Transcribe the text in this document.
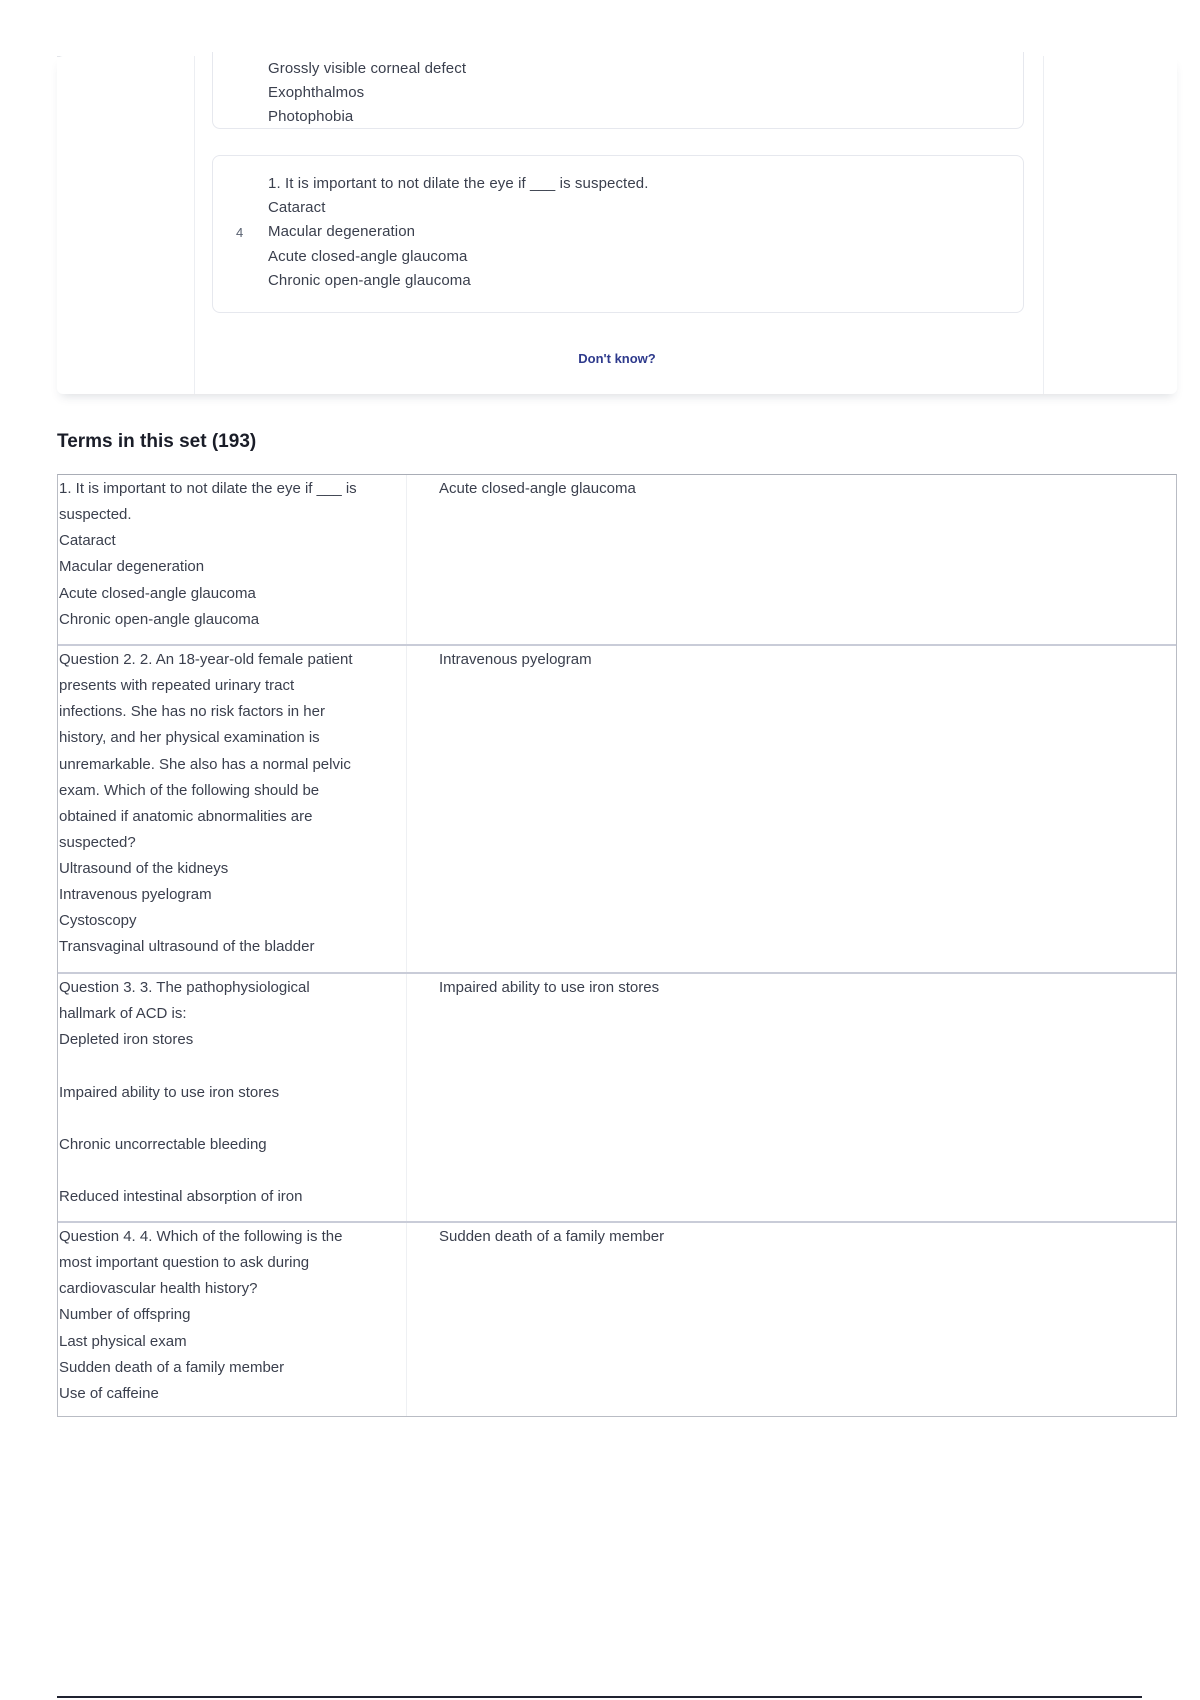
Grossly visible corneal defect
Exophthalmos
Photophobia
1. It is important to not dilate the eye if ___ is suspected.
Cataract
4 Macular degeneration
Acute closed-angle glaucoma
Chronic open-angle glaucoma
Don't know?
Terms in this set (193)
1. It is important to not dilate the eye if ___ is
suspected.
Cataract
Macular degeneration
Acute closed-angle glaucoma
Chronic open-angle glaucoma
Acute closed-angle glaucoma
Question 2. 2. An 18-year-old female patient
presents with repeated urinary tract
infections. She has no risk factors in her
history, and her physical examination is
unremarkable. She also has a normal pelvic
exam. Which of the following should be
obtained if anatomic abnormalities are
suspected?
Ultrasound of the kidneys
Intravenous pyelogram
Cystoscopy
Transvaginal ultrasound of the bladder
Intravenous pyelogram
Question 3. 3. The pathophysiological
hallmark of ACD is:
Depleted iron stores
Impaired ability to use iron stores
Chronic uncorrectable bleeding
Reduced intestinal absorption of iron
Impaired ability to use iron stores
Question 4. 4. Which of the following is the
most important question to ask during
cardiovascular health history?
Number of offspring
Last physical exam
Sudden death of a family member
Use of caffeine
Sudden death of a family member
